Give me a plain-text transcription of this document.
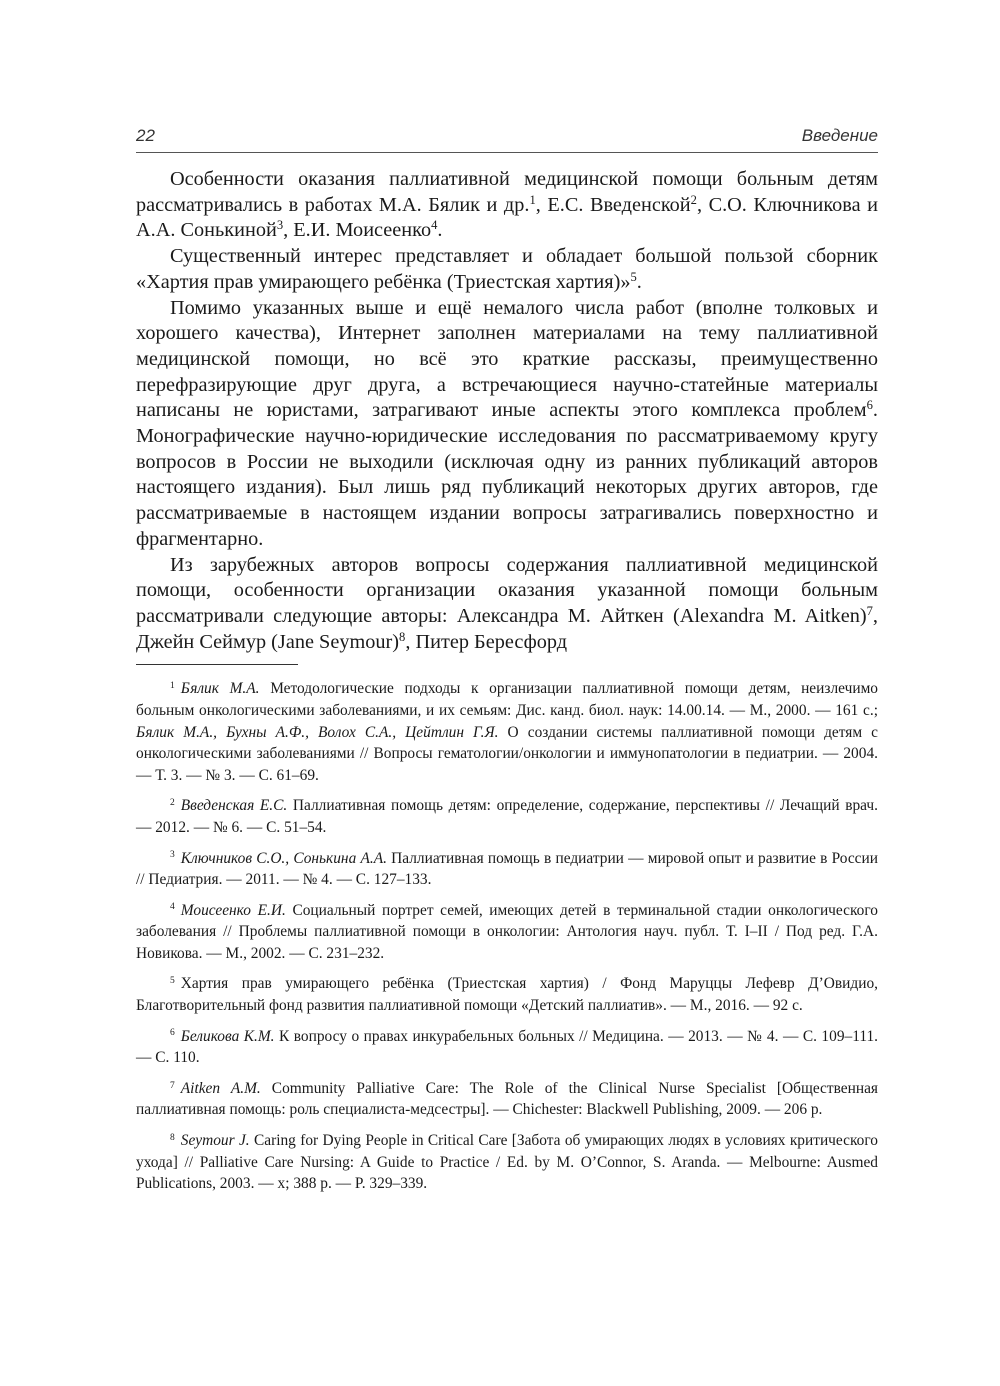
22	Введение

Особенности оказания паллиативной медицинской помощи больным детям рассматривались в работах М.А. Бялик и др.$^1$, Е.С. Введенской$^2$, С.О. Ключникова и А.А. Сонькиной$^3$, Е.И. Моисеенко$^4$.

Существенный интерес представляет и обладает большой пользой сборник «Хартия прав умирающего ребёнка (Триестская хартия)»$^5$.

Помимо указанных выше и ещё немалого числа работ (вполне толковых и хорошего качества), Интернет заполнен материалами на тему паллиативной медицинской помощи, но всё это краткие рассказы, преимущественно перефразирующие друг друга, а встречающиеся научно-статейные материалы написаны не юристами, затрагивают иные аспекты этого комплекса проблем$^6$. Монографические научно-юридические исследования по рассматриваемому кругу вопросов в России не выходили (исключая одну из ранних публикаций авторов настоящего издания). Был лишь ряд публикаций некоторых других авторов, где рассматриваемые в настоящем издании вопросы затрагивались поверхностно и фрагментарно.

Из зарубежных авторов вопросы содержания паллиативной медицинской помощи, особенности организации оказания указанной помощи больным рассматривали следующие авторы: Александра М. Айткен (Alexandra M. Aitken)$^7$, Джейн Сеймур (Jane Seymour)$^8$, Питер Бересфорд

$^1$ Бялик М.А. Методологические подходы к организации паллиативной помощи детям, неизлечимо больным онкологическими заболеваниями, и их семьям: Дис. канд. биол. наук: 14.00.14. — М., 2000. — 161 с.; Бялик М.А., Бухны А.Ф., Волох С.А., Цейтлин Г.Я. О создании системы паллиативной помощи детям с онкологическими заболеваниями // Вопросы гематологии/онкологии и иммунопатологии в педиатрии. — 2004. — Т. 3. — № 3. — С. 61–69.

$^2$ Введенская Е.С. Паллиативная помощь детям: определение, содержание, перспективы // Лечащий врач. — 2012. — № 6. — С. 51–54.

$^3$ Ключников С.О., Сонькина А.А. Паллиативная помощь в педиатрии — мировой опыт и развитие в России // Педиатрия. — 2011. — № 4. — С. 127–133.

$^4$ Моисеенко Е.И. Социальный портрет семей, имеющих детей в терминальной стадии онкологического заболевания // Проблемы паллиативной помощи в онкологии: Антология науч. публ. Т. I–II / Под ред. Г.А. Новикова. — М., 2002. — С. 231–232.

$^5$ Хартия прав умирающего ребёнка (Триестская хартия) / Фонд Маруццы Лефевр Д’Овидио, Благотворительный фонд развития паллиативной помощи «Детский паллиатив». — М., 2016. — 92 с.

$^6$ Беликова К.М. К вопросу о правах инкурабельных больных // Медицина. — 2013. — № 4. — С. 109–111. — С. 110.

$^7$ Aitken A.M. Community Palliative Care: The Role of the Clinical Nurse Specialist [Общественная паллиативная помощь: роль специалиста-медсестры]. — Chichester: Blackwell Publishing, 2009. — 206 p.

$^8$ Seymour J. Caring for Dying People in Critical Care [Забота об умирающих людях в условиях критического ухода] // Palliative Care Nursing: A Guide to Practice / Ed. by M. O’Connor, S. Aranda. — Melbourne: Ausmed Publications, 2003. — x; 388 p. — P. 329–339.
